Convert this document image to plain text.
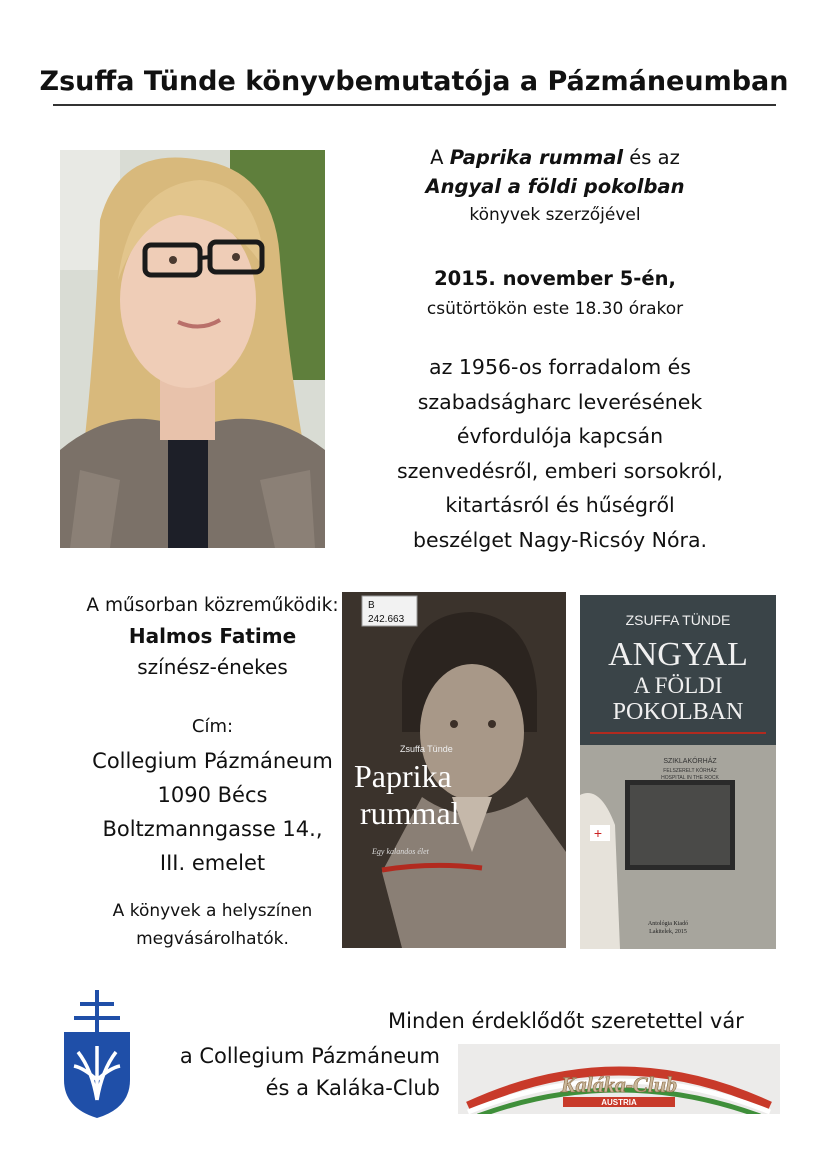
Zsuffa Tünde könyvbemutatója a Pázmáneumban
A Paprika rummal és az
Angyal a földi pokolban
könyvek szerzőjével
2015. november 5-én,
csütörtökön este 18.30 órakor
az 1956-os forradalom és
szabadságharc leverésének
évfordulója kapcsán
szenvedésről, emberi sorsokról,
kitartásról és hűségről
beszélget Nagy-Ricsóy Nóra.
A műsorban közreműködik:
Halmos Fatime
színész-énekes
Cím:
Collegium Pázmáneum
1090 Bécs
Boltzmanngasse 14.,
III. emelet
A könyvek a helyszínen
megvásárolhatók.
B
242.663
Zsuffa Tünde
Paprika
rummal
Egy kalandos élet
+
ZSUFFA TÜNDE
ANGYAL
A FÖLDI
POKOLBAN
SZIKLAKÓRHÁZ
FELSZERELT KÓRHÁZ
HOSPITAL IN THE ROCK
Antológia Kiadó
Lakitelek, 2015
Minden érdeklődőt szeretettel vár
a Collegium Pázmáneum
és a Kaláka-Club	Kaláka-Club
AUSTRIA
